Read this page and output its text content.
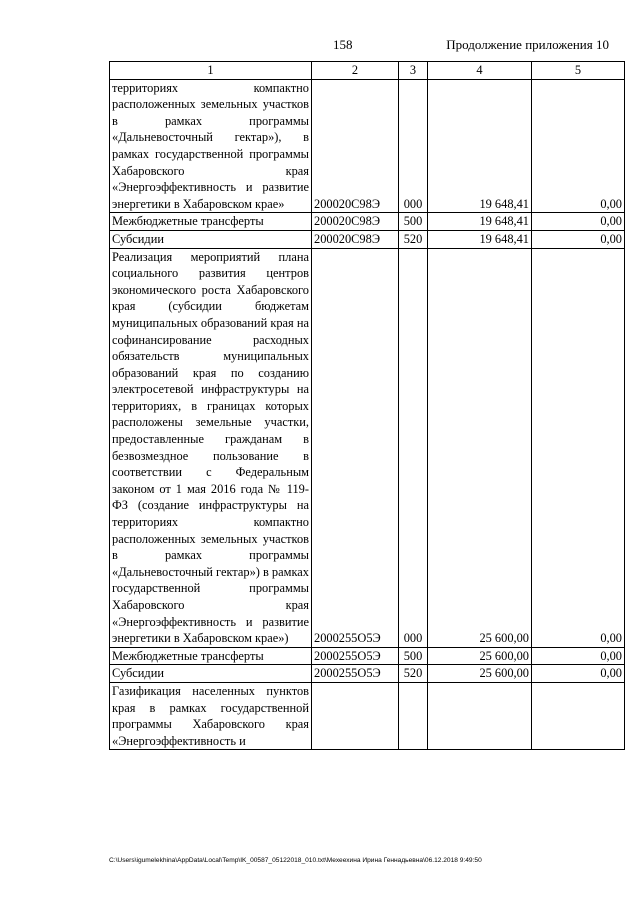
158	Продолжение приложения 10
1	2	3	4	5

территориях компактно расположенных земельных участков в рамках программы «Дальневосточный гектар»), в рамках государственной программы Хабаровского края «Энергоэффективность и развитие энергетики в Хабаровском крае»	200020С98Э	000	19 648,41	0,00

Межбюджетные трансферты	200020С98Э	500	19 648,41	0,00

Субсидии	200020С98Э	520	19 648,41	0,00

Реализация мероприятий плана социального развития центров экономического роста Хабаровского края (субсидии бюджетам муниципальных образований края на софинансирование расходных обязательств муниципальных образований края по созданию электросетевой инфраструктуры на территориях, в границах которых расположены земельные участки, предоставленные гражданам в безвозмездное пользование в соответствии с Федеральным законом от 1 мая 2016 года № 119-ФЗ (создание инфраструктуры на территориях компактно расположенных земельных участков в рамках программы «Дальневосточный гектар») в рамках государственной программы Хабаровского края «Энергоэффективность и развитие энергетики в Хабаровском крае»)	2000255O5Э	000	25 600,00	0,00

Межбюджетные трансферты	2000255O5Э	500	25 600,00	0,00

Субсидии	2000255O5Э	520	25 600,00	0,00

Газификация населенных пунктов края в рамках государственной программы Хабаровского края «Энергоэффективность и				

C:\Users\igumelekhina\AppData\Local\Temp\IK_00587_05122018_010.txt\Мехеехина Ирина Геннадьевна\06.12.2018 9:49:50
